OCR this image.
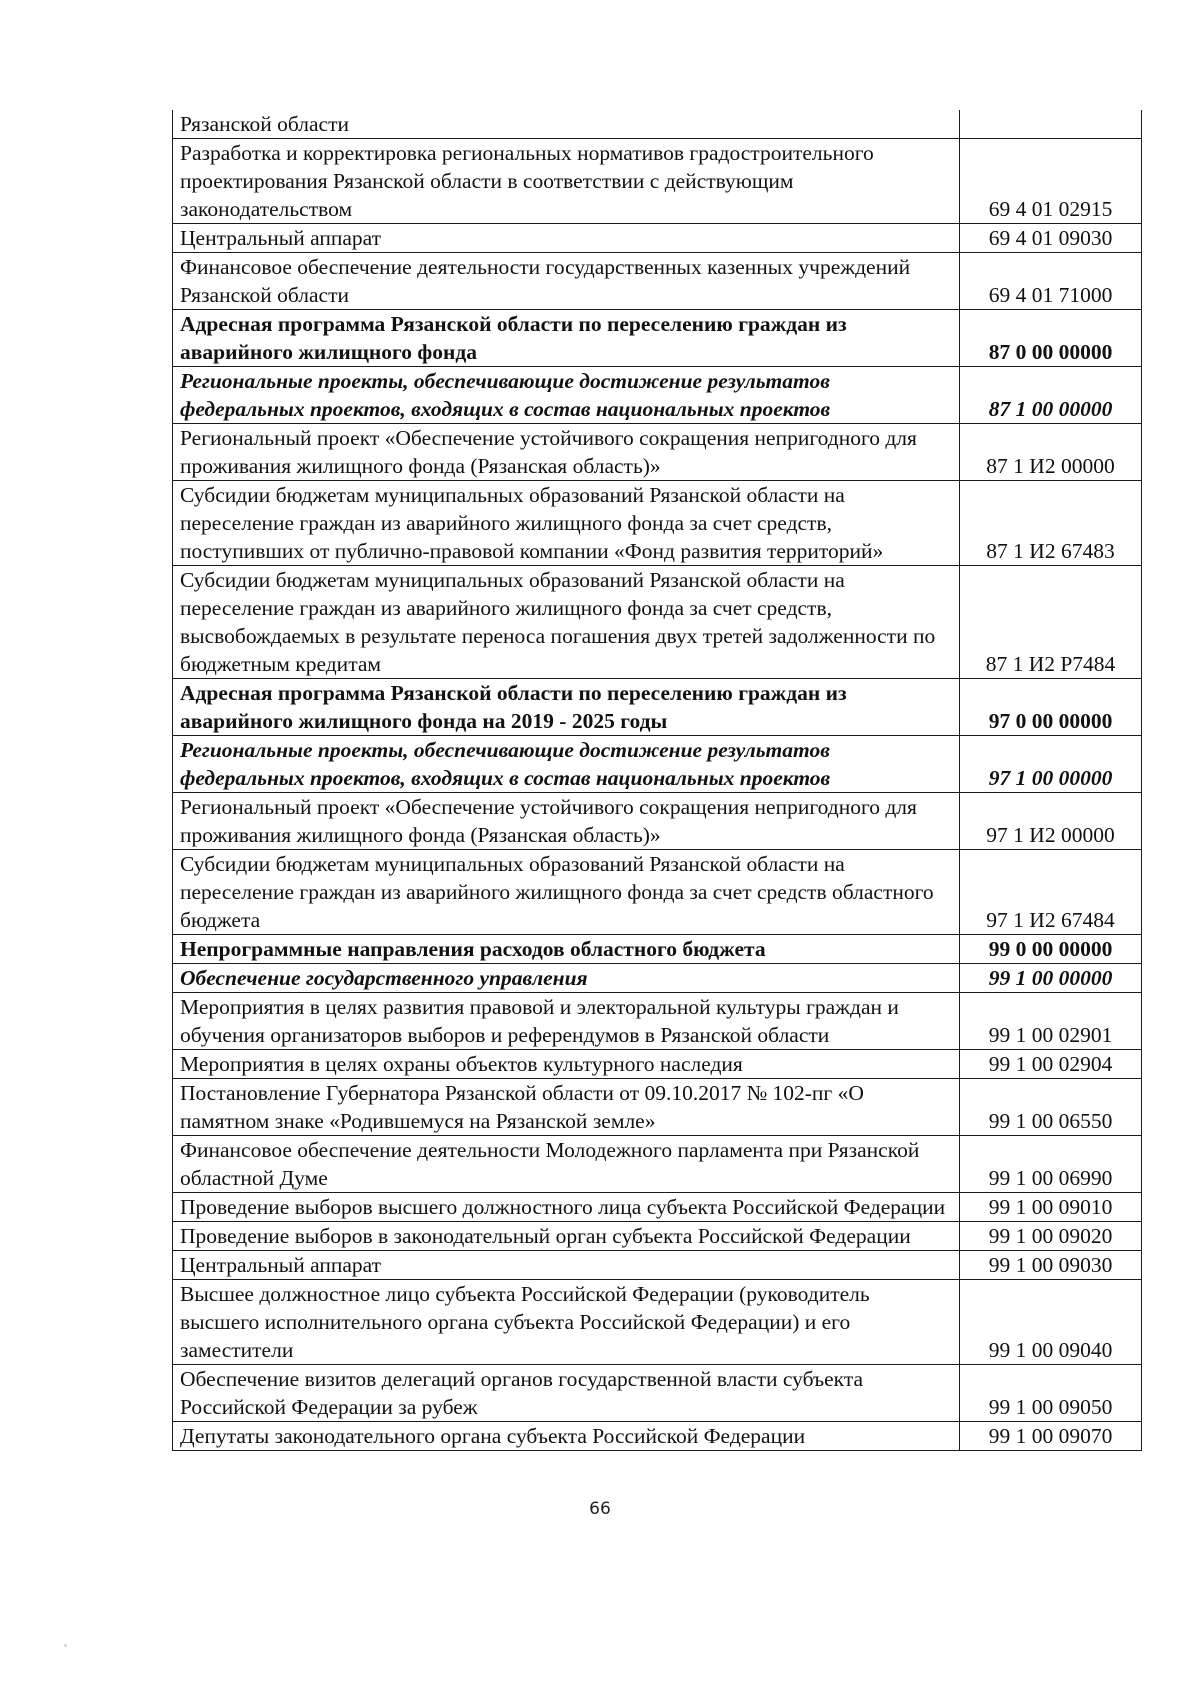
Рязанской области	
Разработка и корректировка региональных нормативов градостроительного проектирования Рязанской области в соответствии с действующим законодательством	69 4 01 02915
Центральный аппарат	69 4 01 09030
Финансовое обеспечение деятельности государственных казенных учреждений Рязанской области	69 4 01 71000
Адресная программа Рязанской области по переселению граждан из аварийного жилищного фонда	87 0 00 00000
Региональные проекты, обеспечивающие достижение результатов федеральных проектов, входящих в состав национальных проектов	87 1 00 00000
Региональный проект «Обеспечение устойчивого сокращения непригодного для проживания жилищного фонда (Рязанская область)»	87 1 И2 00000
Субсидии бюджетам муниципальных образований Рязанской области на переселение граждан из аварийного жилищного фонда за счет средств, поступивших от публично-правовой компании «Фонд развития территорий»	87 1 И2 67483
Субсидии бюджетам муниципальных образований Рязанской области на переселение граждан из аварийного жилищного фонда за счет средств, высвобождаемых в результате переноса погашения двух третей задолженности по бюджетным кредитам	87 1 И2 Р7484
Адресная программа Рязанской области по переселению граждан из аварийного жилищного фонда на 2019 - 2025 годы	97 0 00 00000
Региональные проекты, обеспечивающие достижение результатов федеральных проектов, входящих в состав национальных проектов	97 1 00 00000
Региональный проект «Обеспечение устойчивого сокращения непригодного для проживания жилищного фонда (Рязанская область)»	97 1 И2 00000
Субсидии бюджетам муниципальных образований Рязанской области на переселение граждан из аварийного жилищного фонда за счет средств областного бюджета	97 1 И2 67484
Непрограммные направления расходов областного бюджета	99 0 00 00000
Обеспечение государственного управления	99 1 00 00000
Мероприятия в целях развития правовой и электоральной культуры граждан и обучения организаторов выборов и референдумов в Рязанской области	99 1 00 02901
Мероприятия в целях охраны объектов культурного наследия	99 1 00 02904
Постановление Губернатора Рязанской области от 09.10.2017 № 102-пг «О памятном знаке «Родившемуся на Рязанской земле»	99 1 00 06550
Финансовое обеспечение деятельности Молодежного парламента при Рязанской областной Думе	99 1 00 06990
Проведение выборов высшего должностного лица субъекта Российской Федерации	99 1 00 09010
Проведение выборов в законодательный орган субъекта Российской Федерации	99 1 00 09020
Центральный аппарат	99 1 00 09030
Высшее должностное лицо субъекта Российской Федерации (руководитель высшего исполнительного органа субъекта Российской Федерации) и его заместители	99 1 00 09040
Обеспечение визитов делегаций органов государственной власти субъекта Российской Федерации за рубеж	99 1 00 09050
Депутаты законодательного органа субъекта Российской Федерации	99 1 00 09070
66
